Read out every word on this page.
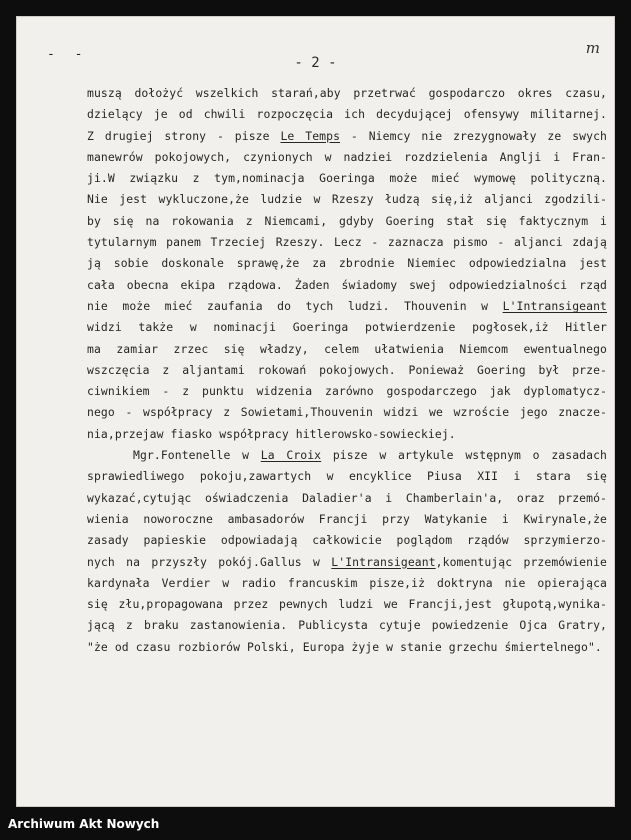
- -	m
- 2 -
muszą dołożyć wszelkich starań,aby przetrwać gospodarczo okres czasu,
dzielący je od chwili rozpoczęcia ich decydującej ofensywy militarnej.
Z drugiej strony - pisze Le Temps - Niemcy nie zrezygnowały ze swych
manewrów pokojowych, czynionych w nadziei rozdzielenia Anglji i Fran-
ji.W związku z tym,nominacja Goeringa może mieć wymowę polityczną.
Nie jest wykluczone,że ludzie w Rzeszy łudzą się,iż aljanci zgodzili-
by się na rokowania z Niemcami, gdyby Goering stał się faktycznym i
tytularnym panem Trzeciej Rzeszy. Lecz - zaznacza pismo - aljanci zdają
ją sobie doskonale sprawę,że za zbrodnie Niemiec odpowiedzialna jest
cała obecna ekipa rządowa. Żaden świadomy swej odpowiedzialności rząd
nie może mieć zaufania do tych ludzi. Thouvenin w L'Intransigeant
widzi także w nominacji Goeringa potwierdzenie pogłosek,iż Hitler
ma zamiar zrzec się władzy, celem ułatwienia Niemcom ewentualnego
wszczęcia z aljantami rokowań pokojowych. Ponieważ Goering był prze-
ciwnikiem - z punktu widzenia zarówno gospodarczego jak dyplomatycz-
nego - współpracy z Sowietami,Thouvenin widzi we wzroście jego znacze-
nia,przejaw fiasko współpracy hitlerowsko-sowieckiej.
Mgr.Fontenelle w La Croix pisze w artykule wstępnym o zasadach
sprawiedliwego pokoju,zawartych w encyklice Piusa XII i stara się
wykazać,cytując oświadczenia Daladier'a i Chamberlain'a, oraz przemó-
wienia noworoczne ambasadorów Francji przy Watykanie i Kwirynale,że
zasady papieskie odpowiadają całkowicie poglądom rządów sprzymierzo-
nych na przyszły pokój.Gallus w L'Intransigeant,komentując przemówienie
kardynała Verdier w radio francuskim pisze,iż doktryna nie opierająca
się złu,propagowana przez pewnych ludzi we Francji,jest głupotą,wynika-
jącą z braku zastanowienia. Publicysta cytuje powiedzenie Ojca Gratry,
"że od czasu rozbiorów Polski, Europa żyje w stanie grzechu śmiertelnego".
Archiwum Akt Nowych
